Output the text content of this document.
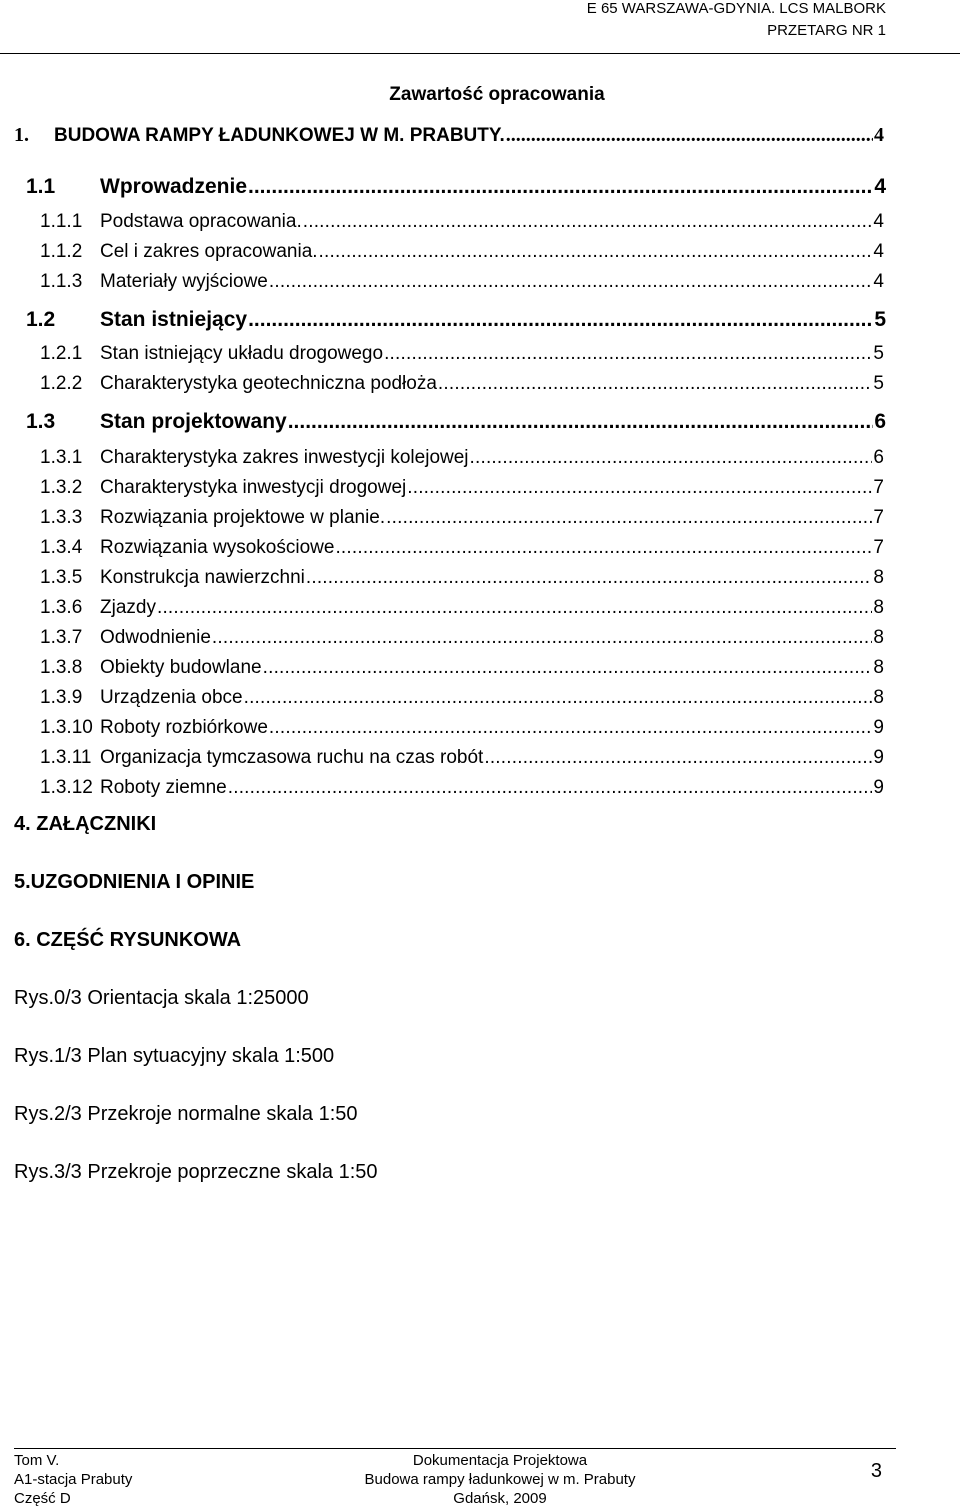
E 65 WARSZAWA-GDYNIA. LCS MALBORK
PRZETARG NR 1
Zawartość opracowania
1.	BUDOWA RAMPY ŁADUNKOWEJ W M. PRABUTY. .....	4
1.1	Wprowadzenie .....	4
1.1.1 Podstawa opracowania. .....	4
1.1.2 Cel i zakres opracowania. .....	4
1.1.3 Materiały wyjściowe .....	4
1.2	Stan istniejący .....	5
1.2.1 Stan istniejący układu drogowego .....	5
1.2.2 Charakterystyka geotechniczna podłoża .....	5
1.3	Stan projektowany .....	6
1.3.1 Charakterystyka zakres inwestycji kolejowej .....	6
1.3.2 Charakterystyka inwestycji drogowej .....	7
1.3.3 Rozwiązania projektowe w planie. .....	7
1.3.4 Rozwiązania wysokościowe .....	7
1.3.5 Konstrukcja nawierzchni .....	8
1.3.6 Zjazdy .....	8
1.3.7 Odwodnienie .....	8
1.3.8 Obiekty budowlane .....	8
1.3.9 Urządzenia obce .....	8
1.3.10 Roboty rozbiórkowe .....	9
1.3.11 Organizacja tymczasowa ruchu na czas robót .....	9
1.3.12 Roboty ziemne .....	9
4. ZAŁĄCZNIKI
5.UZGODNIENIA I OPINIE
6. CZĘŚĆ RYSUNKOWA
Rys.0/3 Orientacja skala 1:25000
Rys.1/3 Plan sytuacyjny skala 1:500
Rys.2/3 Przekroje normalne skala 1:50
Rys.3/3 Przekroje poprzeczne skala 1:50
Tom V.
A1-stacja Prabuty
Część D
Dokumentacja Projektowa
Budowa rampy ładunkowej w m. Prabuty
Gdańsk, 2009
3
